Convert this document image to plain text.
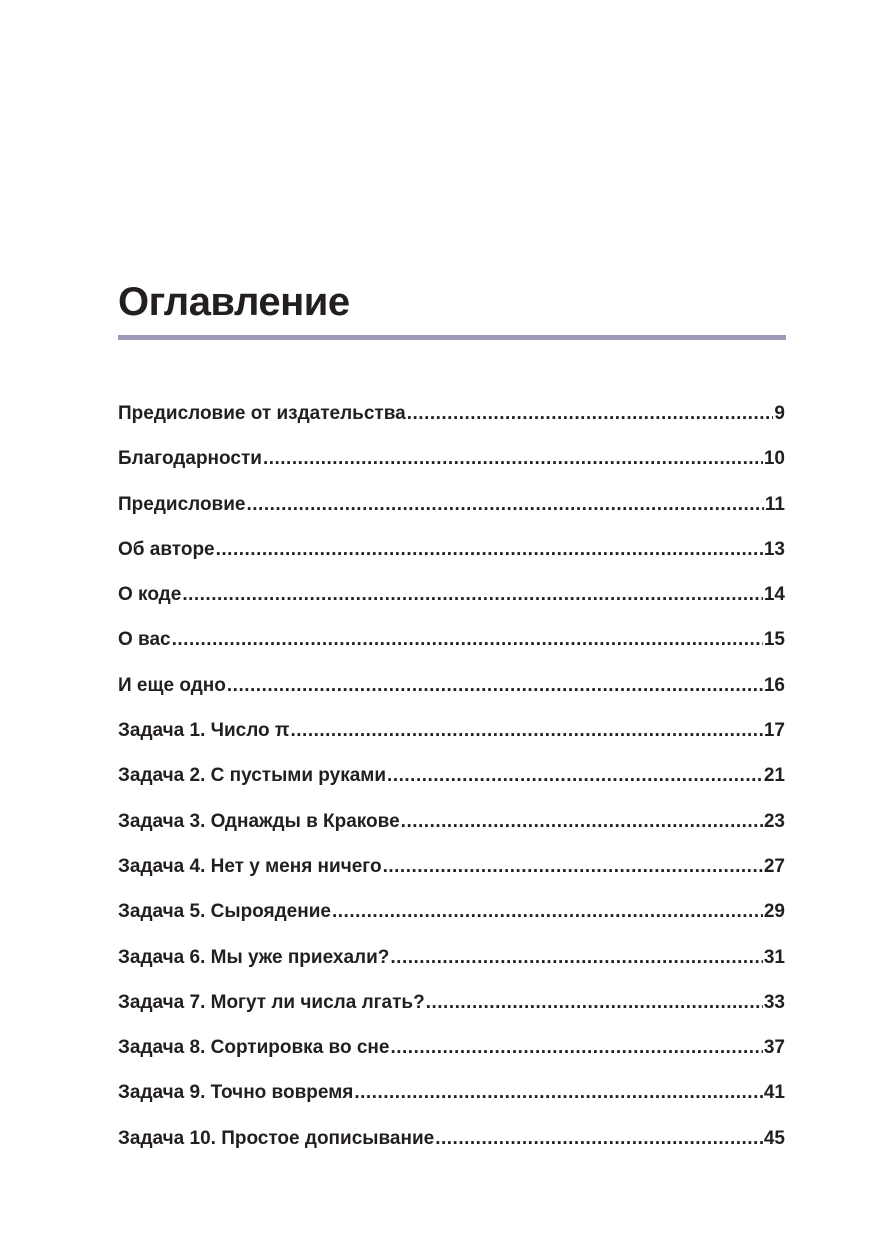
Оглавление
Предисловие от издательства .....	9
Благодарности .....	10
Предисловие .....	11
Об авторе .....	13
О коде .....	14
О вас .....	15
И еще одно .....	16
Задача 1. Число π .....	17
Задача 2. С пустыми руками .....	21
Задача 3. Однажды в Кракове .....	23
Задача 4. Нет у меня ничего .....	27
Задача 5. Сыроядение .....	29
Задача 6. Мы уже приехали? .....	31
Задача 7. Могут ли числа лгать? .....	33
Задача 8. Сортировка во сне .....	37
Задача 9. Точно вовремя .....	41
Задача 10. Простое дописывание .....	45
